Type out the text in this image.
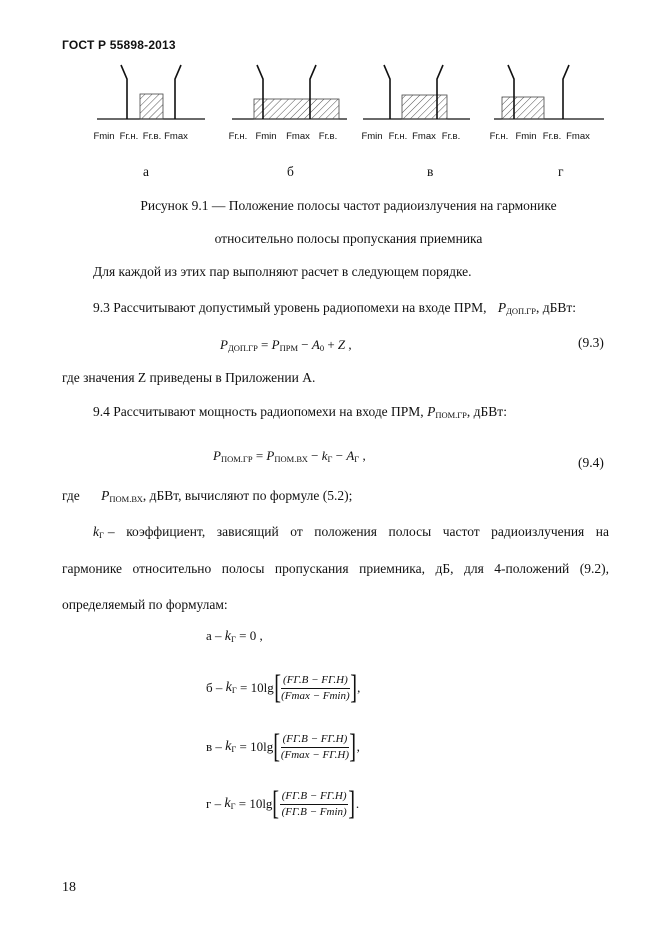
ГОСТ Р 55898-2013
Fmin Fг.н. Fг.в. Fmax	Fг.н. Fmin Fmax Fг.в.	Fmin Fг.н. Fmax Fг.в.	Fг.н. Fmin Fг.в. Fmax
а	б	в	г
Рисунок 9.1 — Положение полосы частот радиоизлучения на гармонике
относительно полосы пропускания приемника
Для каждой из этих пар выполняют расчет в следующем порядке.
9.3 Рассчитывают допустимый уровень радиопомехи на входе ПРМ, PДОП.ГР, дБВт:
PДОП.ГР = PПРМ − A0 + Z ,	(9.3)
где значения Z приведены в Приложении А.
9.4 Рассчитывают мощность радиопомехи на входе ПРМ, PПОМ.ГР, дБВт:
PПОМ.ГР = PПОМ.ВХ − kГ − AГ ,	(9.4)
где PПОМ.ВХ, дБВт, вычисляют по формуле (5.2);
kГ – коэффициент, зависящий от положения полосы частот радиоизлучения на
гармонике относительно полосы пропускания приемника, дБ, для 4-положений (9.2),
определяемый по формулам:
а – kГ = 0 ,
б – kГ = $10\lg[ \frac{(FГ.В - FГ.Н)}{(Fmax - Fmin)}$ ],
в – kГ = $10\lg[ \frac{(FГ.В - FГ.Н)}{(Fmax - FГ.Н)}$ ],
г – kГ = $10\lg[ \frac{(FГ.В - FГ.Н)}{(FГ.В - Fmin)}$ ].
18
